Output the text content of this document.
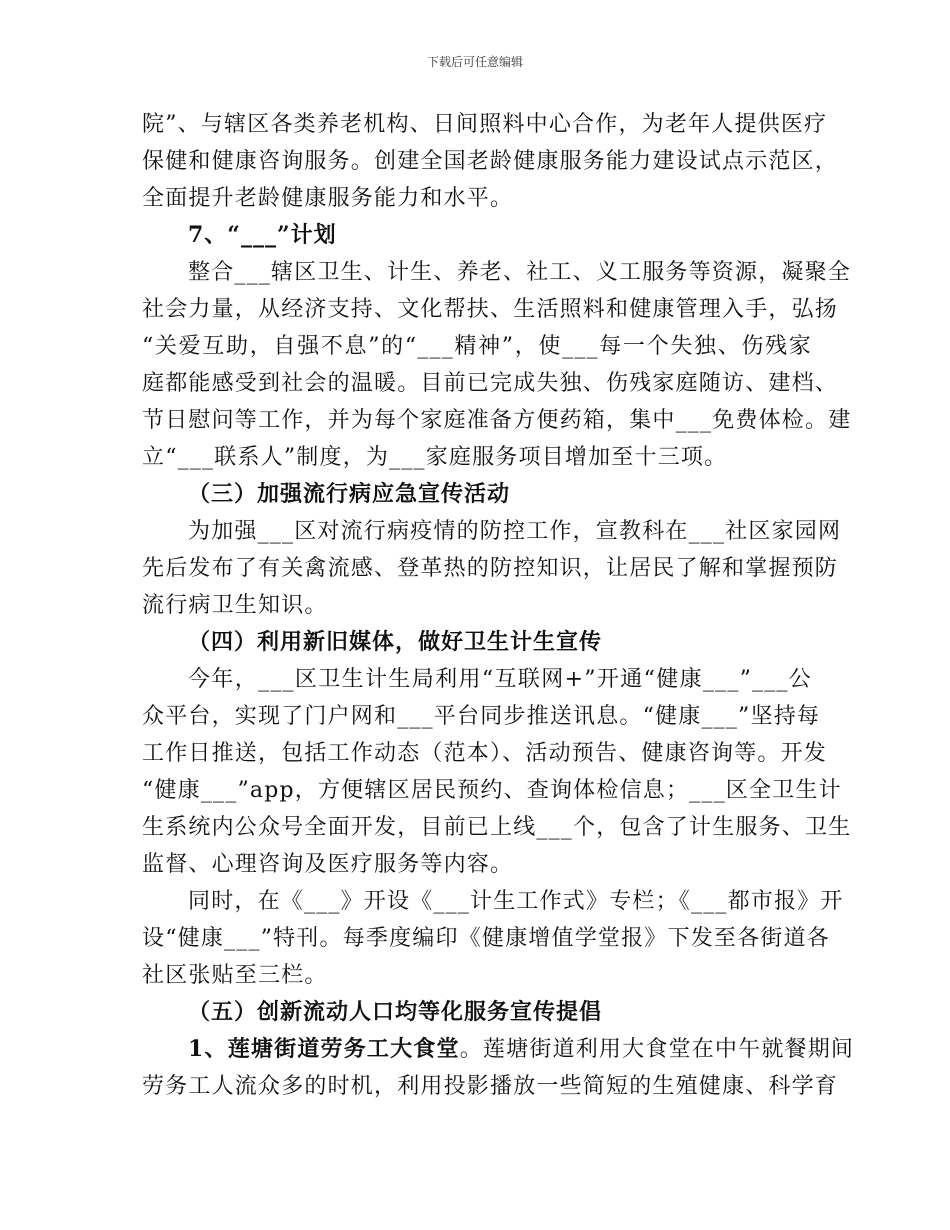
下载后可任意编辑
院”、与辖区各类养老机构、日间照料中心合作，为老年人提供医疗
保健和健康咨询服务。创建全国老龄健康服务能力建设试点示范区，
全面提升老龄健康服务能力和水平。
7、“___”计划
整合___辖区卫生、计生、养老、社工、义工服务等资源，凝聚全
社会力量，从经济支持、文化帮扶、生活照料和健康管理入手，弘扬
“关爱互助，自强不息”的“___精神”，使___每一个失独、伤残家
庭都能感受到社会的温暖。目前已完成失独、伤残家庭随访、建档、
节日慰问等工作，并为每个家庭准备方便药箱，集中___免费体检。建
立“___联系人”制度，为___家庭服务项目增加至十三项。
（三）加强流行病应急宣传活动
为加强___区对流行病疫情的防控工作，宣教科在___社区家园网
先后发布了有关禽流感、登革热的防控知识，让居民了解和掌握预防
流行病卫生知识。
（四）利用新旧媒体，做好卫生计生宣传
今年，___区卫生计生局利用“互联网+”开通“健康___”___公
众平台，实现了门户网和___平台同步推送讯息。“健康___”坚持每
工作日推送，包括工作动态（范本）、活动预告、健康咨询等。开发
“健康___”app，方便辖区居民预约、查询体检信息；___区全卫生计
生系统内公众号全面开发，目前已上线___个，包含了计生服务、卫生
监督、心理咨询及医疗服务等内容。
同时，在《___》开设《___计生工作式》专栏；《___都市报》开
设“健康___”特刊。每季度编印《健康增值学堂报》下发至各街道各
社区张贴至三栏。
（五）创新流动人口均等化服务宣传提倡
1、莲塘街道劳务工大食堂。莲塘街道利用大食堂在中午就餐期间
劳务工人流众多的时机，利用投影播放一些简短的生殖健康、科学育
